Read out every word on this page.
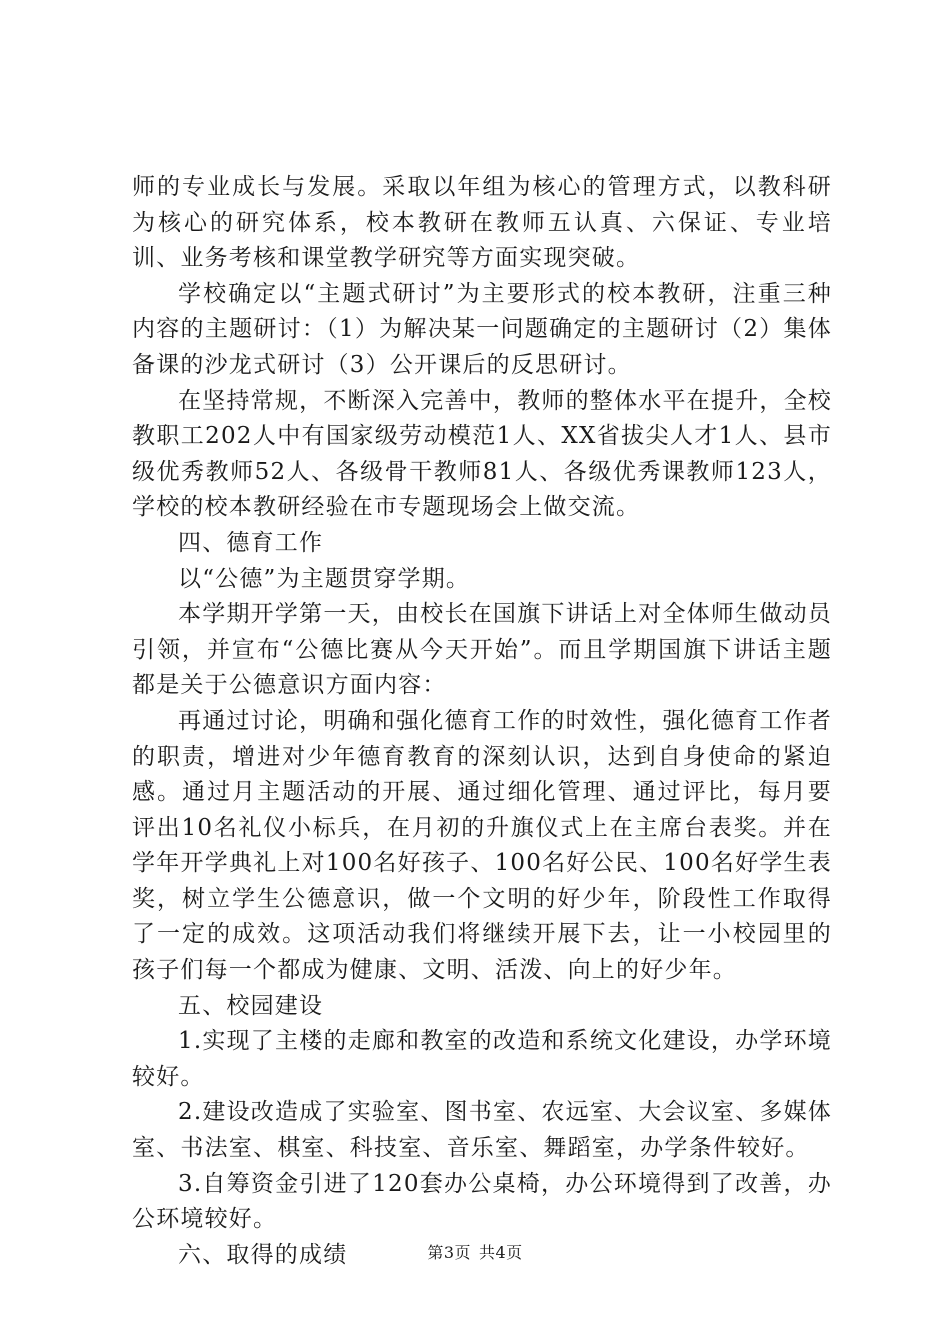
师的专业成长与发展。采取以年组为核心的管理方式，以教科研为核心的研究体系，校本教研在教师五认真、六保证、专业培训、业务考核和课堂教学研究等方面实现突破。

学校确定以“主题式研讨”为主要形式的校本教研，注重三种内容的主题研讨：（1）为解决某一问题确定的主题研讨（2）集体备课的沙龙式研讨（3）公开课后的反思研讨。

在坚持常规，不断深入完善中，教师的整体水平在提升，全校教职工202人中有国家级劳动模范1人、XX省拔尖人才1人、县市级优秀教师52人、各级骨干教师81人、各级优秀课教师123人，学校的校本教研经验在市专题现场会上做交流。

四、德育工作

以“公德”为主题贯穿学期。

本学期开学第一天，由校长在国旗下讲话上对全体师生做动员引领，并宣布“公德比赛从今天开始”。而且学期国旗下讲话主题都是关于公德意识方面内容：

再通过讨论，明确和强化德育工作的时效性，强化德育工作者的职责，增进对少年德育教育的深刻认识，达到自身使命的紧迫感。通过月主题活动的开展、通过细化管理、通过评比，每月要评出10名礼仪小标兵，在月初的升旗仪式上在主席台表奖。并在学年开学典礼上对100名好孩子、100名好公民、100名好学生表奖，树立学生公德意识，做一个文明的好少年，阶段性工作取得了一定的成效。这项活动我们将继续开展下去，让一小校园里的孩子们每一个都成为健康、文明、活泼、向上的好少年。

五、校园建设

1.实现了主楼的走廊和教室的改造和系统文化建设，办学环境较好。

2.建设改造成了实验室、图书室、农远室、大会议室、多媒体室、书法室、棋室、科技室、音乐室、舞蹈室，办学条件较好。

3.自筹资金引进了120套办公桌椅，办公环境得到了改善，办公环境较好。

六、取得的成绩	第3页 共4页
